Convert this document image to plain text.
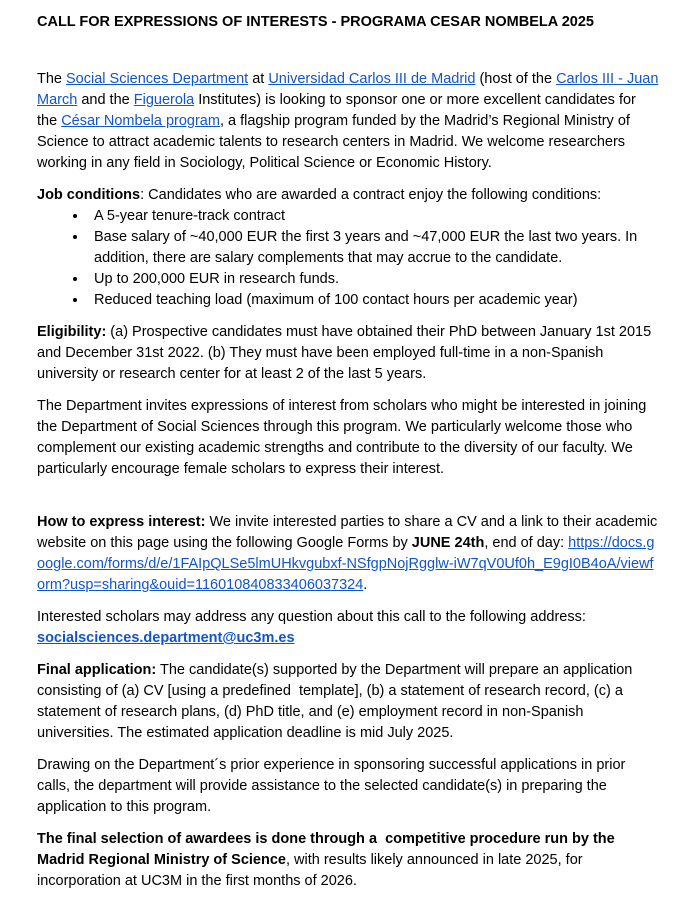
CALL FOR EXPRESSIONS OF INTERESTS - PROGRAMA CESAR NOMBELA 2025

The Social Sciences Department at Universidad Carlos III de Madrid (host of the Carlos III - Juan March and the Figuerola Institutes) is looking to sponsor one or more excellent candidates for the César Nombela program, a flagship program funded by the Madrid’s Regional Ministry of Science to attract academic talents to research centers in Madrid. We welcome researchers working in any field in Sociology, Political Science or Economic History.

Job conditions: Candidates who are awarded a contract enjoy the following conditions:

• A 5-year tenure-track contract
• Base salary of ~40,000 EUR the first 3 years and ~47,000 EUR the last two years. In addition, there are salary complements that may accrue to the candidate.
• Up to 200,000 EUR in research funds.
• Reduced teaching load (maximum of 100 contact hours per academic year)

Eligibility: (a) Prospective candidates must have obtained their PhD between January 1st 2015 and December 31st 2022. (b) They must have been employed full-time in a non-Spanish university or research center for at least 2 of the last 5 years.

The Department invites expressions of interest from scholars who might be interested in joining the Department of Social Sciences through this program. We particularly welcome those who complement our existing academic strengths and contribute to the diversity of our faculty. We particularly encourage female scholars to express their interest.

How to express interest: We invite interested parties to share a CV and a link to their academic website on this page using the following Google Forms by JUNE 24th, end of day: https://docs.google.com/forms/d/e/1FAIpQLSe5lmUHkvgubxf-NSfgpNojRgglw-iW7qV0Uf0h_E9gI0B4oA/viewform?usp=sharing&ouid=116010840833406037324.

Interested scholars may address any question about this call to the following address:
socialsciences.department@uc3m.es

Final application: The candidate(s) supported by the Department will prepare an application consisting of (a) CV [using a predefined  template], (b) a statement of research record, (c) a statement of research plans, (d) PhD title, and (e) employment record in non-Spanish universities. The estimated application deadline is mid July 2025.

Drawing on the Department´s prior experience in sponsoring successful applications in prior calls, the department will provide assistance to the selected candidate(s) in preparing the application to this program.

The final selection of awardees is done through a  competitive procedure run by the Madrid Regional Ministry of Science, with results likely announced in late 2025, for incorporation at UC3M in the first months of 2026.
